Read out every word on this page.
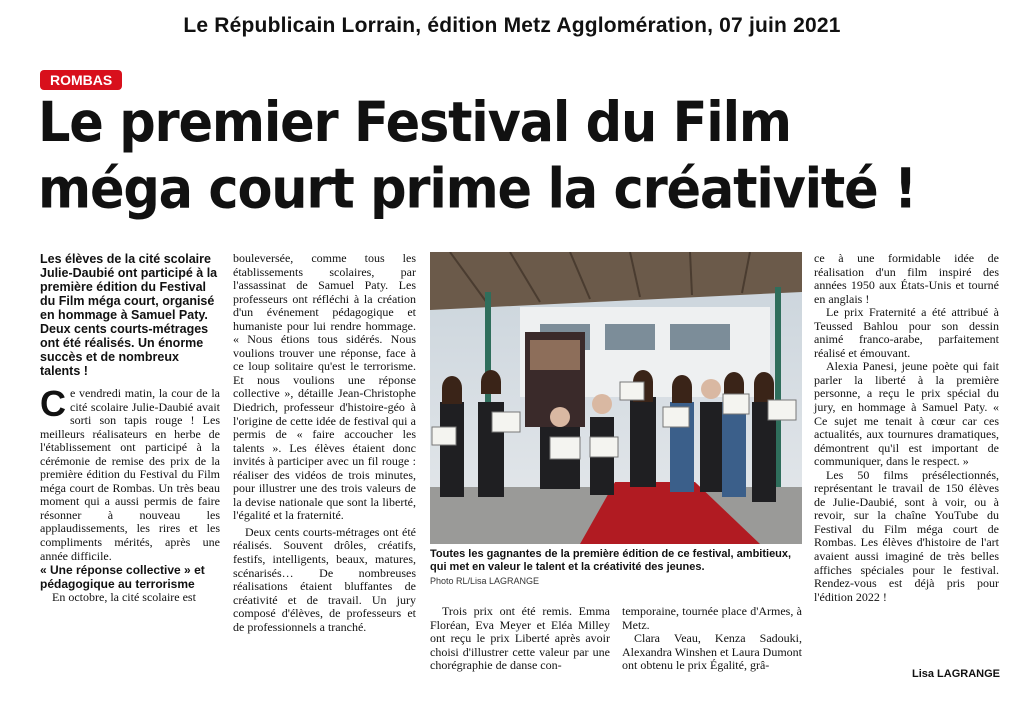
Le Républicain Lorrain, édition Metz Agglomération, 07 juin 2021
ROMBAS
Le premier Festival du Film
méga court prime la créativité !

Les élèves de la cité scolaire Julie-Daubié ont participé à la première édition du Festival du Film méga court, organisé en hommage à Samuel Paty. Deux cents courts-métrages ont été réalisés. Un énorme succès et de nombreux talents !

Ce vendredi matin, la cour de la cité scolaire Julie-Daubié avait sorti son tapis rouge ! Les meilleurs réalisateurs en herbe de l'établissement ont participé à la cérémonie de remise des prix de la première édition du Festival du Film méga court de Rombas. Un très beau moment qui a aussi permis de faire résonner à nouveau les applaudissements, les rires et les compliments mérités, après une année difficile.

« Une réponse collective » et pédagogique au terrorisme

En octobre, la cité scolaire est

bouleversée, comme tous les établissements scolaires, par l'assassinat de Samuel Paty. Les professeurs ont réfléchi à la création d'un événement pédagogique et humaniste pour lui rendre hommage. « Nous étions tous sidérés. Nous voulions trouver une réponse, face à ce loup solitaire qu'est le terrorisme. Et nous voulions une réponse collective », détaille Jean-Christophe Diedrich, professeur d'histoire-géo à l'origine de cette idée de festival qui a permis de « faire accoucher les talents ». Les élèves étaient donc invités à participer avec un fil rouge : réaliser des vidéos de trois minutes, pour illustrer une des trois valeurs de la devise nationale que sont la liberté, l'égalité et la fraternité.

Deux cents courts-métrages ont été réalisés. Souvent drôles, créatifs, festifs, intelligents, beaux, matures, scénarisés… De nombreuses réalisations étaient bluffantes de créativité et de travail. Un jury composé d'élèves, de professeurs et de professionnels a tranché.

Toutes les gagnantes de la première édition de ce festival, ambitieux, qui met en valeur le talent et la créativité des jeunes.

Photo RL/Lisa LAGRANGE

Trois prix ont été remis. Emma Floréan, Eva Meyer et Eléa Milley ont reçu le prix Liberté après avoir choisi d'illustrer cette valeur par une chorégraphie de danse con-

temporaine, tournée place d'Armes, à Metz.

Clara Veau, Kenza Sadouki, Alexandra Winshen et Laura Dumont ont obtenu le prix Égalité, grâ-

ce à une formidable idée de réalisation d'un film inspiré des années 1950 aux États-Unis et tourné en anglais !

Le prix Fraternité a été attribué à Teussed Bahlou pour son dessin animé franco-arabe, parfaitement réalisé et émouvant.

Alexia Panesi, jeune poète qui fait parler la liberté à la première personne, a reçu le prix spécial du jury, en hommage à Samuel Paty. « Ce sujet me tenait à cœur car ces actualités, aux tournures dramatiques, démontrent qu'il est important de communiquer, dans le respect. »

Les 50 films présélectionnés, représentant le travail de 150 élèves de Julie-Daubié, sont à voir, ou à revoir, sur la chaîne YouTube du Festival du Film méga court de Rombas. Les élèves d'histoire de l'art avaient aussi imaginé de très belles affiches spéciales pour le festival. Rendez-vous est déjà pris pour l'édition 2022 !

Lisa LAGRANGE
